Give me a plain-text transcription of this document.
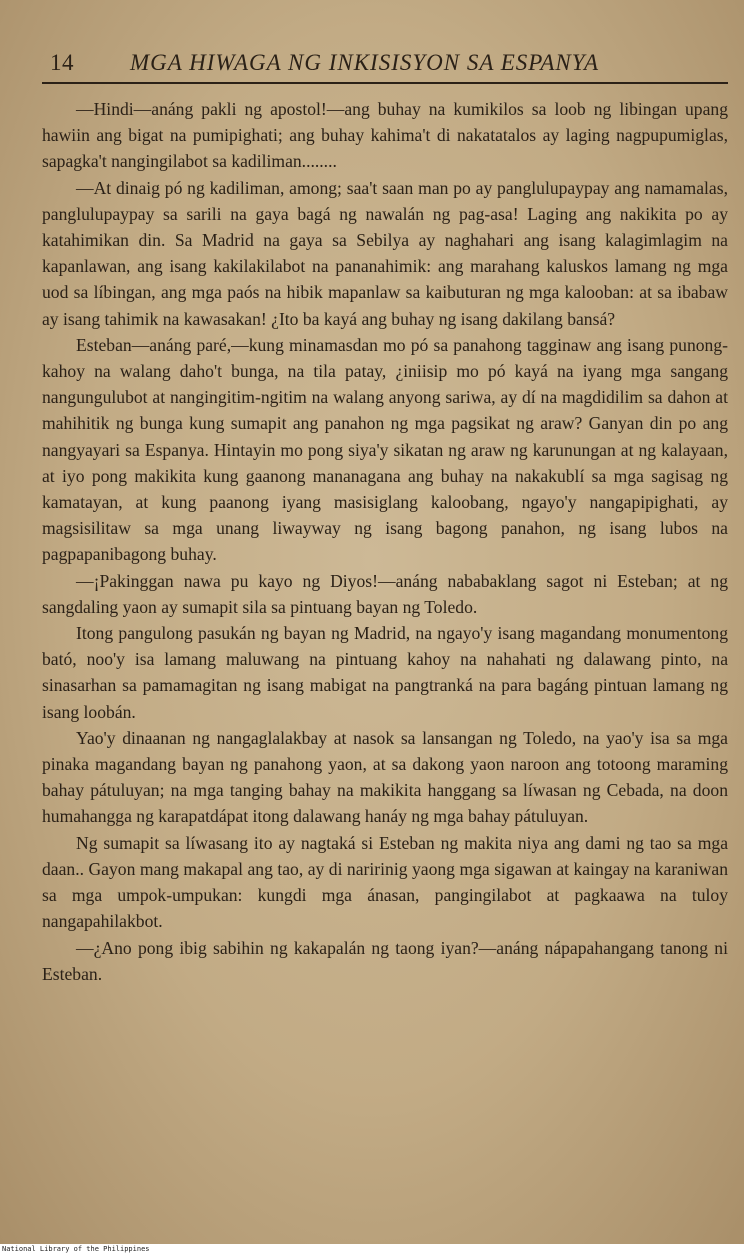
14 MGA HIWAGA NG INKISISYON SA ESPANYA

—Hindi—anáng pakli ng apostol!—ang buhay na kumikilos sa loob ng libingan upang hawiin ang bigat na pumipighati; ang buhay kahima't di nakatatalos ay laging nagpupumiglas, sapagka't nangingilabot sa kadiliman........

—At dinaig pó ng kadiliman, among; saa't saan man po ay panglulupaypay ang namamalas, panglulupaypay sa sarili na gaya bagá ng nawalán ng pag-asa! Laging ang nakikita po ay katahimikan din. Sa Madrid na gaya sa Sebilya ay naghahari ang isang kalagimlagim na kapanlawan, ang isang kakilakilabot na pananahimik: ang marahang kaluskos lamang ng mga uod sa líbingan, ang mga paós na hibik mapanlaw sa kaibuturan ng mga kalooban: at sa ibabaw ay isang tahimik na kawasakan! ¿Ito ba kayá ang buhay ng isang dakilang bansá?

Esteban—anáng paré,—kung minamasdan mo pó sa panahong tagginaw ang isang punong-kahoy na walang daho't bunga, na tila patay, ¿iniisip mo pó kayá na iyang mga sangang nangungulubot at nangingitim-ngitim na walang anyong sariwa, ay dí na magdidilim sa dahon at mahihitik ng bunga kung sumapit ang panahon ng mga pagsikat ng araw? Ganyan din po ang nangyayari sa Espanya. Hintayin mo pong siya'y sikatan ng araw ng karunungan at ng kalayaan, at iyo pong makikita kung gaanong mananagana ang buhay na nakakublí sa mga sagisag ng kamatayan, at kung paanong iyang masisiglang kaloobang, ngayo'y nangapipighati, ay magsisilitaw sa mga unang liwayway ng isang bagong panahon, ng isang lubos na pagpapanibagong buhay.

—¡Pakinggan nawa pu kayo ng Diyos!—anáng nababaklang sagot ni Esteban; at ng sangdaling yaon ay sumapit sila sa pintuang bayan ng Toledo.

Itong pangulong pasukán ng bayan ng Madrid, na ngayo'y isang magandang monumentong bató, noo'y isa lamang maluwang na pintuang kahoy na nahahati ng dalawang pinto, na sinasarhan sa pamamagitan ng isang mabigat na pangtranká na para bagáng pintuan lamang ng isang loobán.

Yao'y dinaanan ng nangaglalakbay at nasok sa lansangan ng Toledo, na yao'y isa sa mga pinaka magandang bayan ng panahong yaon, at sa dakong yaon naroon ang totoong maraming bahay pátuluyan; na mga tanging bahay na makikita hanggang sa líwasan ng Cebada, na doon humahangga ng karapatdápat itong dalawang hanáy ng mga bahay pátuluyan.

Ng sumapit sa líwasang ito ay nagtaká si Esteban ng makita niya ang dami ng tao sa mga daan.. Gayon mang makapal ang tao, ay di naririnig yaong mga sigawan at kaingay na karaniwan sa mga umpok-umpukan: kungdi mga ánasan, pangingilabot at pagkaawa na tuloy nangapahilakbot.

—¿Ano pong ibig sabihin ng kakapalán ng taong iyan?—anáng nápapahangang tanong ni Esteban.

National Library of the Philippines
